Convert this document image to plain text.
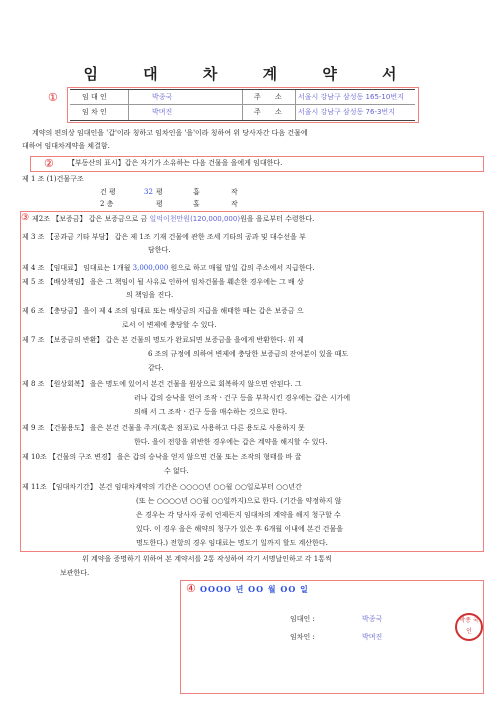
임 대 차 계 약 서
①	임 대 인	박종국	주 소 서울시 강남구 삼성동 165-10번지
임 차 인	박며진	주 소 서울시 강남구 삼성동 76-3번지
계약의 편의상 임대인을 '갑'이라 칭하고 임차인을 '을'이라 칭하여 위 당사자간 다음 건물에
대하여 임대차계약을 체결함.
② 【부동산의 표시】갑은 자기가 소유하는 다음 건물을 을에게 임대한다.
제 1 조 (1)건물구조
건 평	32 평	흡	작
2 층	평	홀	작
③ 제2조 【보증금】 갑은 보증금으로 금 일억이천만원(120,000,000)원을 을로부터 수령한다.
제 3 조 【공과금 기타 부담】 갑은 제 1조 기재 건물에 관한 조세 기타의 공과 및 대수선을 부
담한다.
제 4 조 【임대료】 임대료는 1개월 3,000,000 원으로 하고 매월 말일 갑의 주소에서 지급한다.
제 5 조 【배상책임】 을은 그 책임이 될 사유로 인하여 임차건물을 훼손한 경우에는 그 배 상
의 책임을 진다.
제 6 조 【충당금】 을이 제 4 조의 임대료 또는 배상금의 지급을 해태한 때는 갑은 보증금 으
로서 이 변제에 충당할 수 있다.
제 7 조 【보증금의 반환】 갑은 본 건물의 명도가 완료되면 보증금을 을에게 반환한다. 위 제
6 조의 규정에 의하여 변제에 충당한 보증금의 잔여분이 있을 때도
같다.
제 8 조 【원상회복】 을은 명도에 있어서 본건 건물을 원상으로 회복하지 않으면 안된다. 그
러나 갑의 승낙을 얻어 조작ㆍ건구 등을 부착시킨 경우에는 갑은 시가에
의해 서 그 조작ㆍ건구 등을 매수하는 것으로 한다.
제 9 조 【건물용도】 을은 본건 건물을 주거(혹은 점포)로 사용하고 다른 용도로 사용하지 못
한다. 을이 전항을 위반한 경우에는 갑은 계약을 해지할 수 있다.
제 10조 【건물의 구조 변경】 을은 갑의 승낙을 얻지 않으면 건물 또는 조작의 형태를 바 꿀
수 없다.
제 11조 【임대차기간】 본건 임대차계약의 기간은 ○○○○년 ○○월 ○○일로부터 ○○년간
(또 는 ○○○○년 ○○월 ○○일까지)으로 한다. (기간을 약정하지 않
은 경우는 각 당사자 공히 언제든지 임대차의 계약을 해지 청구할 수
있다. 이 경우 을은 해약의 청구가 있은 후 6개월 이내에 본건 건물을
명도한다.) 전항의 경우 임대료는 명도기 일까지 할도 계산한다.
위 계약을 증명하기 위하여 본 계약서를 2통 작성하여 각기 서명날인하고 각 1통씩
보관한다.
④ OOOO 년 OO 월 OO 일
임대인 :	박종국
임차인 :	박며진
박종 국인
